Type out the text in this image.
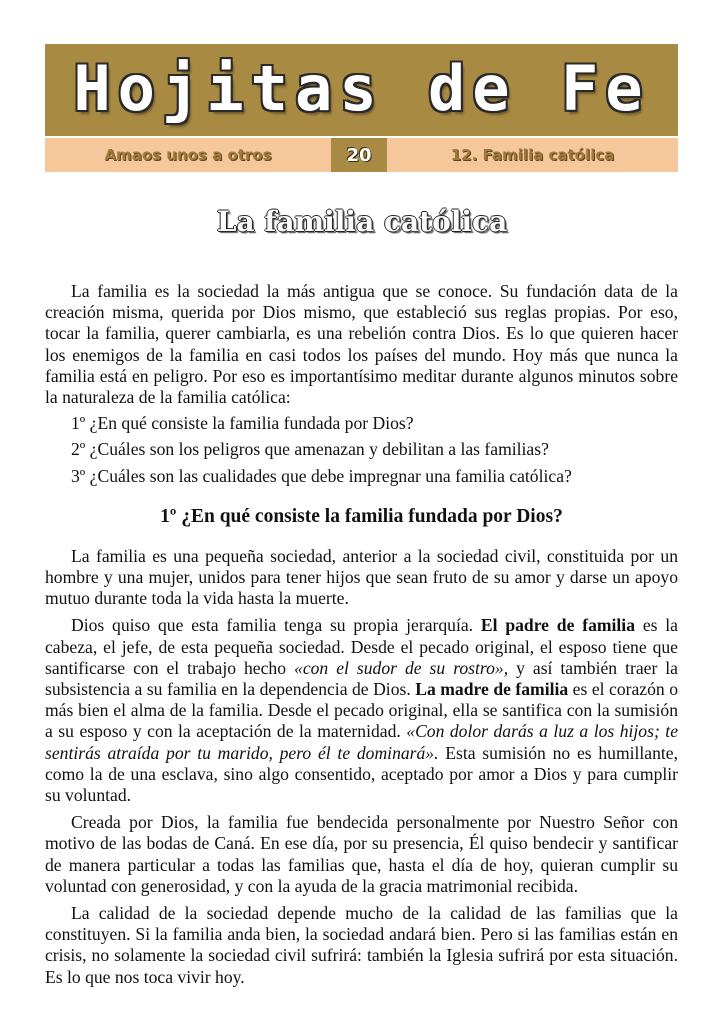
Hojitas de Fe
Amaos unos a otros	20	12. Familia católica
La familia católica

La familia es la sociedad la más antigua que se conoce. Su fundación data de la creación misma, querida por Dios mismo, que estableció sus reglas propias. Por eso, tocar la familia, querer cambiarla, es una rebelión contra Dios. Es lo que quieren hacer los enemigos de la familia en casi todos los países del mundo. Hoy más que nunca la familia está en peligro. Por eso es importantísimo meditar durante algunos minutos sobre la naturaleza de la familia católica:

1º ¿En qué consiste la familia fundada por Dios?

2º ¿Cuáles son los peligros que amenazan y debilitan a las familias?

3º ¿Cuáles son las cualidades que debe impregnar una familia católica?

1º ¿En qué consiste la familia fundada por Dios?

La familia es una pequeña sociedad, anterior a la sociedad civil, constituida por un hombre y una mujer, unidos para tener hijos que sean fruto de su amor y darse un apoyo mutuo durante toda la vida hasta la muerte.

Dios quiso que esta familia tenga su propia jerarquía. El padre de familia es la cabeza, el jefe, de esta pequeña sociedad. Desde el pecado original, el esposo tiene que santificarse con el trabajo hecho «con el sudor de su rostro», y así también traer la subsistencia a su familia en la dependencia de Dios. La madre de familia es el corazón o más bien el alma de la familia. Desde el pecado original, ella se santifica con la sumisión a su esposo y con la aceptación de la maternidad. «Con dolor darás a luz a los hijos; te sentirás atraída por tu marido, pero él te dominará». Esta sumisión no es humillante, como la de una esclava, sino algo consentido, aceptado por amor a Dios y para cumplir su voluntad.

Creada por Dios, la familia fue bendecida personalmente por Nuestro Señor con motivo de las bodas de Caná. En ese día, por su presencia, Él quiso bendecir y santificar de manera particular a todas las familias que, hasta el día de hoy, quieran cumplir su voluntad con generosidad, y con la ayuda de la gracia matrimonial recibida.

La calidad de la sociedad depende mucho de la calidad de las familias que la constituyen. Si la familia anda bien, la sociedad andará bien. Pero si las familias están en crisis, no solamente la sociedad civil sufrirá: también la Iglesia sufrirá por esta situación. Es lo que nos toca vivir hoy.
